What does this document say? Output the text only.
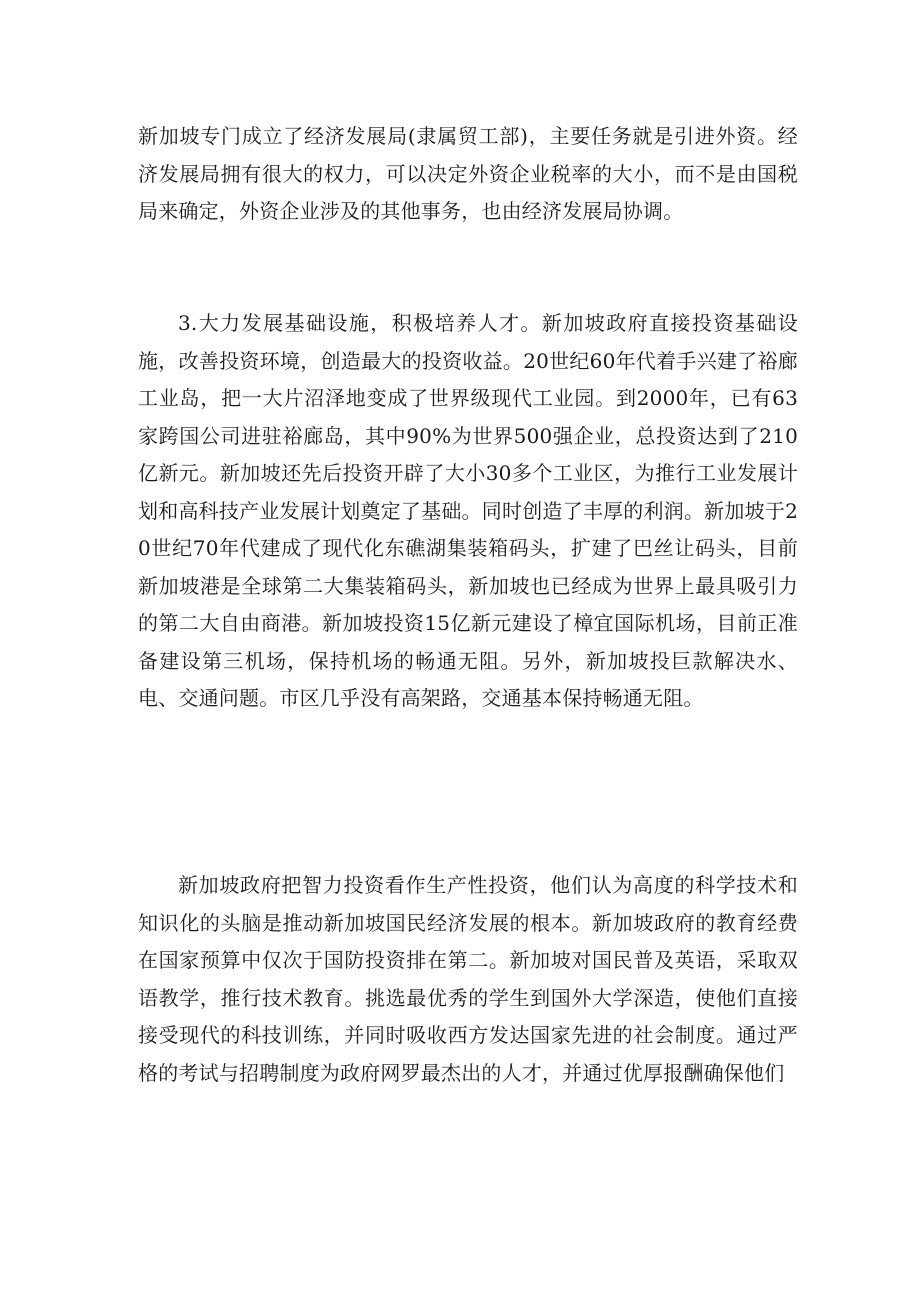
新加坡专门成立了经济发展局(隶属贸工部)，主要任务就是引进外资。经济发展局拥有很大的权力，可以决定外资企业税率的大小，而不是由国税局来确定，外资企业涉及的其他事务，也由经济发展局协调。

3.大力发展基础设施，积极培养人才。新加坡政府直接投资基础设施，改善投资环境，创造最大的投资收益。20世纪60年代着手兴建了裕廊工业岛，把一大片沼泽地变成了世界级现代工业园。到2000年，已有63家跨国公司进驻裕廊岛，其中90%为世界500强企业，总投资达到了210亿新元。新加坡还先后投资开辟了大小30多个工业区，为推行工业发展计划和高科技产业发展计划奠定了基础。同时创造了丰厚的利润。新加坡于20世纪70年代建成了现代化东礁湖集装箱码头，扩建了巴丝让码头，目前新加坡港是全球第二大集装箱码头，新加坡也已经成为世界上最具吸引力的第二大自由商港。新加坡投资15亿新元建设了樟宜国际机场，目前正准备建设第三机场，保持机场的畅通无阻。另外，新加坡投巨款解决水、电、交通问题。市区几乎没有高架路，交通基本保持畅通无阻。

新加坡政府把智力投资看作生产性投资，他们认为高度的科学技术和知识化的头脑是推动新加坡国民经济发展的根本。新加坡政府的教育经费在国家预算中仅次于国防投资排在第二。新加坡对国民普及英语，采取双语教学，推行技术教育。挑选最优秀的学生到国外大学深造，使他们直接接受现代的科技训练，并同时吸收西方发达国家先进的社会制度。通过严格的考试与招聘制度为政府网罗最杰出的人才，并通过优厚报酬确保他们
